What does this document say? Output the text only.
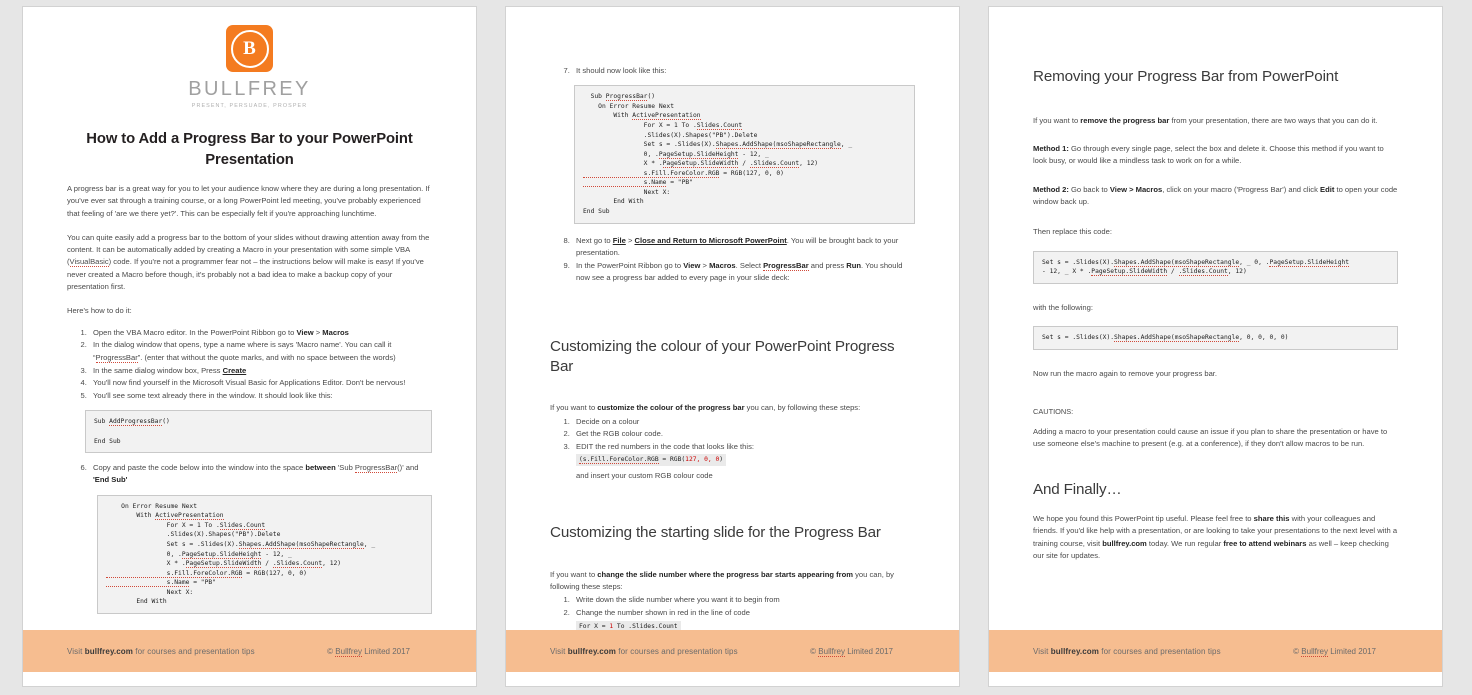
B
BULLFREY
PRESENT, PERSUADE, PROSPER
How to Add a Progress Bar to your PowerPoint Presentation

A progress bar is a great way for you to let your audience know where they are during a long presentation. If you've ever sat through a training course, or a long PowerPoint led meeting, you've probably experienced that feeling of 'are we there yet?'. This can be especially felt if you're approaching lunchtime.

You can quite easily add a progress bar to the bottom of your slides without drawing attention away from the content. It can be automatically added by creating a Macro in your presentation with some simple VBA (VisualBasic) code. If you're not a programmer fear not – the instructions below will make is easy! If you've never created a Macro before though, it's probably not a bad idea to make a backup copy of your presentation first.

Here's how to do it:

1. Open the VBA Macro editor. In the PowerPoint Ribbon go to View > Macros
2. In the dialog window that opens, type a name where is says 'Macro name'. You can call it “ProgressBar”. (enter that without the quote marks, and with no space between the words)
3. In the same dialog window box, Press Create
4. You'll now find yourself in the Microsoft Visual Basic for Applications Editor. Don't be nervous!
5. You'll see some text already there in the window. It should look like this:
Sub AddProgressBar()

End Sub
6. Copy and paste the code below into the window into the space between 'Sub ProgressBar()' and 'End Sub'
On Error Resume Next
With ActivePresentation
For X = 1 To .Slides.Count
.Slides(X).Shapes("PB").Delete
Set s = .Slides(X).Shapes.AddShape(msoShapeRectangle, _
0, .PageSetup.SlideHeight - 12, _
X * .PageSetup.SlideWidth / .Slides.Count, 12)
s.Fill.ForeColor.RGB = RGB(127, 0, 0)
s.Name = "PB"
Next X:
End With
Visit bullfrey.com for courses and presentation tips	© Bullfrey Limited 2017
7. It should now look like this:
Sub ProgressBar()
On Error Resume Next
With ActivePresentation
For X = 1 To .Slides.Count
.Slides(X).Shapes("PB").Delete
Set s = .Slides(X).Shapes.AddShape(msoShapeRectangle, _
0, .PageSetup.SlideHeight - 12, _
X * .PageSetup.SlideWidth / .Slides.Count, 12)
s.Fill.ForeColor.RGB = RGB(127, 0, 0)
s.Name = "PB"
Next X:
End With
End Sub
8. Next go to File > Close and Return to Microsoft PowerPoint. You will be brought back to your presentation.
9. In the PowerPoint Ribbon go to View > Macros. Select ProgressBar and press Run. You should now see a progress bar added to every page in your slide deck:
Customizing the colour of your PowerPoint Progress Bar

If you want to customize the colour of the progress bar you can, by following these steps:

1. Decide on a colour
2. Get the RGB colour code.
3. EDIT the red numbers in the code that looks like this:
(s.Fill.ForeColor.RGB = RGB(127, 0, 0)
and insert your custom RGB colour code
Customizing the starting slide for the Progress Bar

If you want to change the slide number where the progress bar starts appearing from you can, by following these steps:

1. Write down the slide number where you want it to begin from
2. Change the number shown in red in the line of code
For X = 1 To .Slides.Count
Visit bullfrey.com for courses and presentation tips	© Bullfrey Limited 2017
Removing your Progress Bar from PowerPoint

If you want to remove the progress bar from your presentation, there are two ways that you can do it.

Method 1: Go through every single page, select the box and delete it. Choose this method if you want to look busy, or would like a mindless task to work on for a while.

Method 2: Go back to View > Macros, click on your macro ('Progress Bar') and click Edit to open your code window back up.

Then replace this code:

Set s = .Slides(X).Shapes.AddShape(msoShapeRectangle, _ 0, .PageSetup.SlideHeight
- 12, _ X * .PageSetup.SlideWidth / .Slides.Count, 12)

with the following:

Set s = .Slides(X).Shapes.AddShape(msoShapeRectangle, 0, 0, 0, 0)

Now run the macro again to remove your progress bar.

CAUTIONS:

Adding a macro to your presentation could cause an issue if you plan to share the presentation or have to use someone else's machine to present (e.g. at a conference), if they don't allow macros to be run.

And Finally…

We hope you found this PowerPoint tip useful. Please feel free to share this with your colleagues and friends. If you'd like help with a presentation, or are looking to take your presentations to the next level with a training course, visit bullfrey.com today. We run regular free to attend webinars as well – keep checking our site for updates.

Visit bullfrey.com for courses and presentation tips	© Bullfrey Limited 2017
